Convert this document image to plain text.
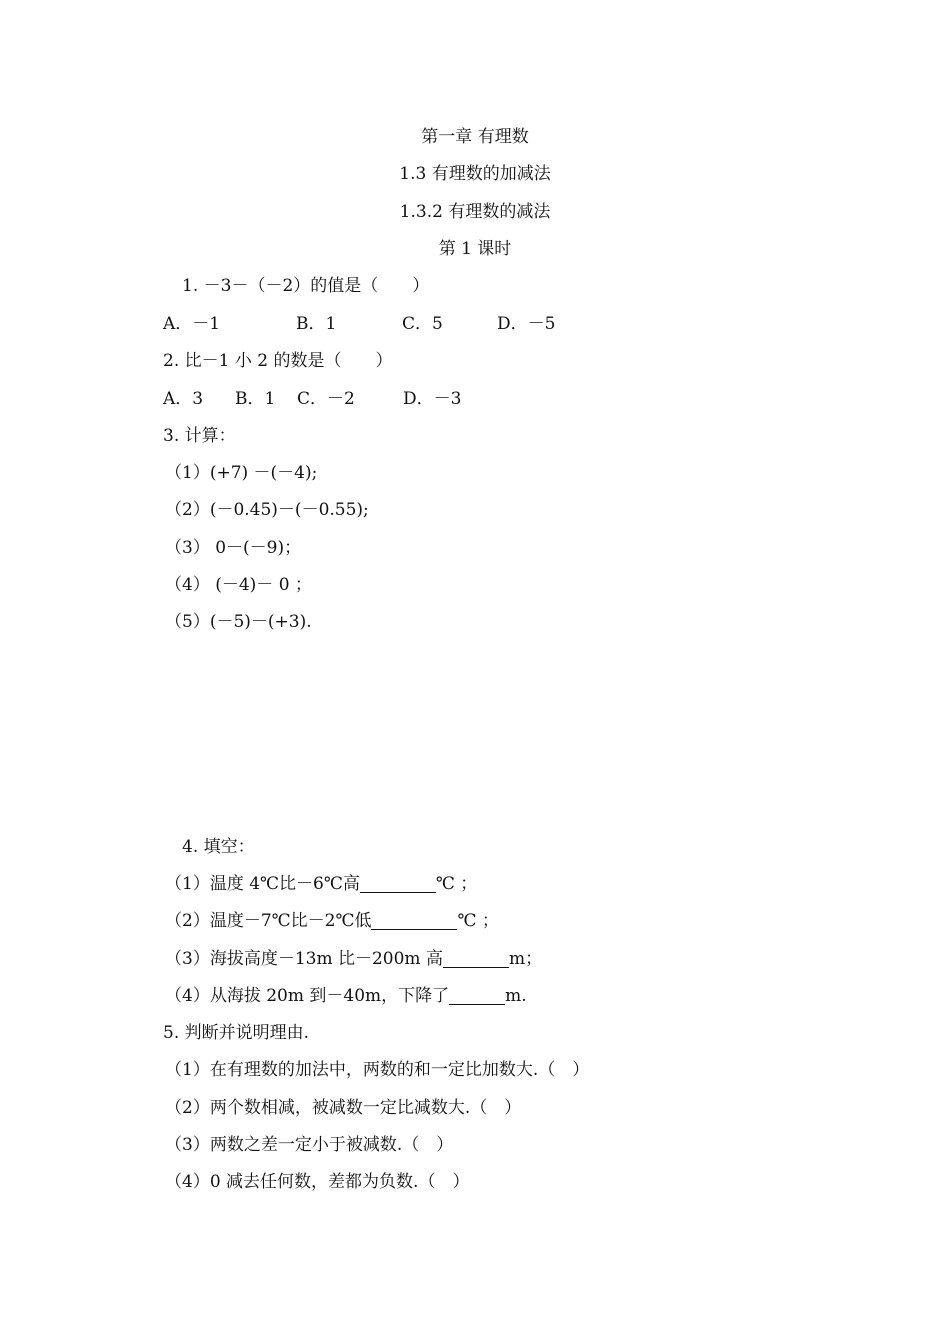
第一章 有理数
1.3 有理数的加减法
1.3.2 有理数的减法
第 1 课时
1. －3－（－2）的值是（　　）
A．－1	B．1	C．5	D．－5
2. 比－1 小 2 的数是（　　）
A．3 B．1 C．－2	D．－3
3. 计算：
（1）(+7) －(－4);
（2）(－0.45)－(－0.55);
（3） 0－(－9)；
（4） (－4)－ 0 ；
（5）(－5)－(+3).
4. 填空：
（1）温度 4℃比－6℃高	℃ ；
（2）温度－7℃比－2℃低	℃ ；
（3）海拔高度－13m 比－200m 高	m；
（4）从海拔 20m 到－40m，下降了	m.
5. 判断并说明理由.
（1）在有理数的加法中，两数的和一定比加数大.（　）
（2）两个数相减，被减数一定比减数大.（　）
（3）两数之差一定小于被减数.（　）
（4）0 减去任何数，差都为负数.（　）
